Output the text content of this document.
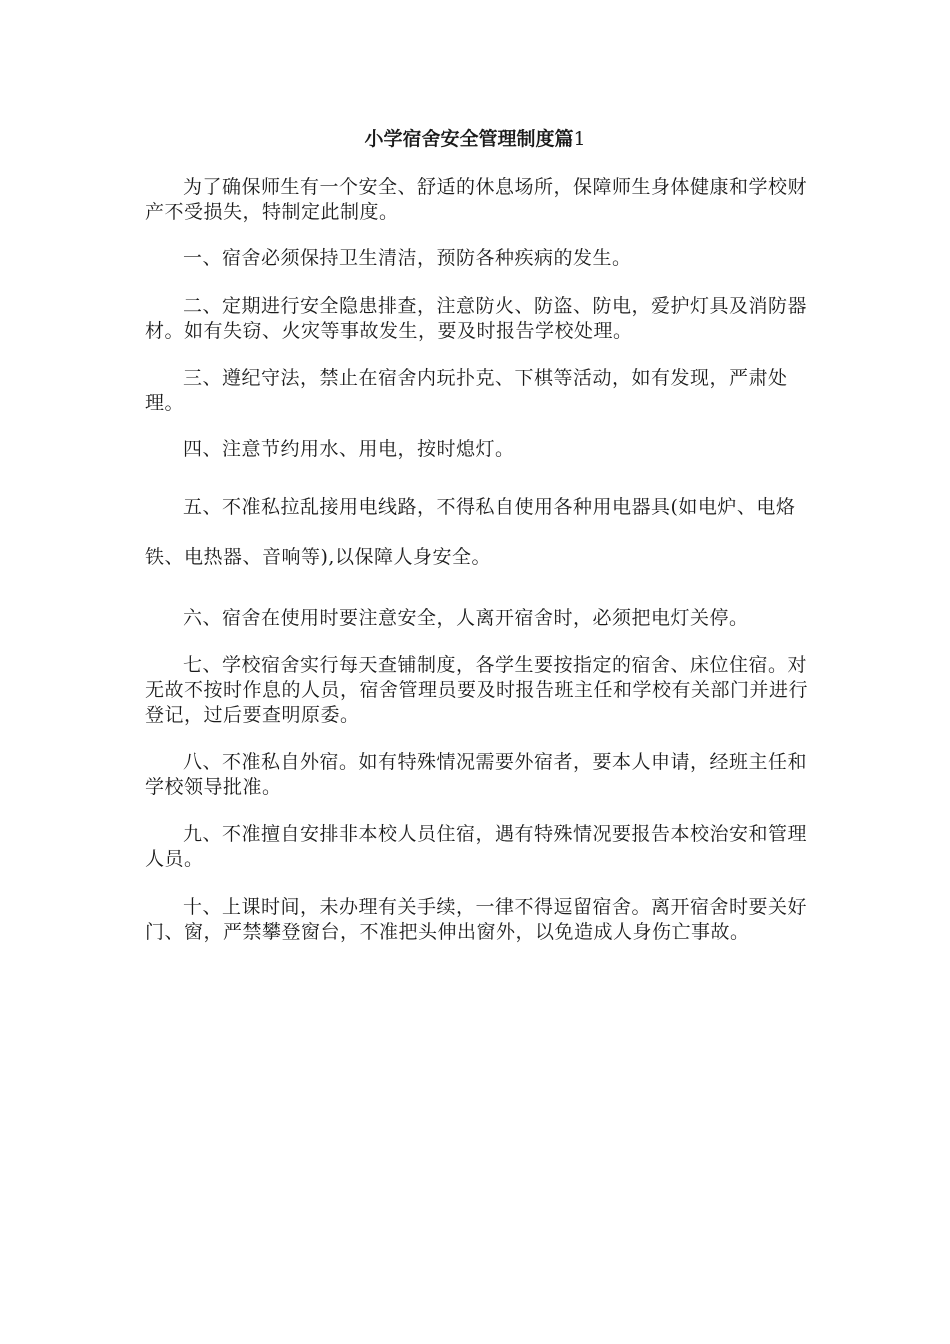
小学宿舍安全管理制度篇1

为了确保师生有一个安全、舒适的休息场所，保障师生身体健康和学校财产不受损失，特制定此制度。

一、宿舍必须保持卫生清洁，预防各种疾病的发生。

二、定期进行安全隐患排查，注意防火、防盗、防电，爱护灯具及消防器材。如有失窃、火灾等事故发生，要及时报告学校处理。

三、遵纪守法，禁止在宿舍内玩扑克、下棋等活动，如有发现，严肃处理。

四、注意节约用水、用电，按时熄灯。

五、不准私拉乱接用电线路，不得私自使用各种用电器具(如电炉、电烙铁、电热器、音响等),以保障人身安全。

六、宿舍在使用时要注意安全，人离开宿舍时，必须把电灯关停。

七、学校宿舍实行每天查铺制度，各学生要按指定的宿舍、床位住宿。对无故不按时作息的人员，宿舍管理员要及时报告班主任和学校有关部门并进行登记，过后要查明原委。

八、不准私自外宿。如有特殊情况需要外宿者，要本人申请，经班主任和学校领导批准。

九、不准擅自安排非本校人员住宿，遇有特殊情况要报告本校治安和管理人员。

十、上课时间，未办理有关手续，一律不得逗留宿舍。离开宿舍时要关好门、窗，严禁攀登窗台，不准把头伸出窗外，以免造成人身伤亡事故。
